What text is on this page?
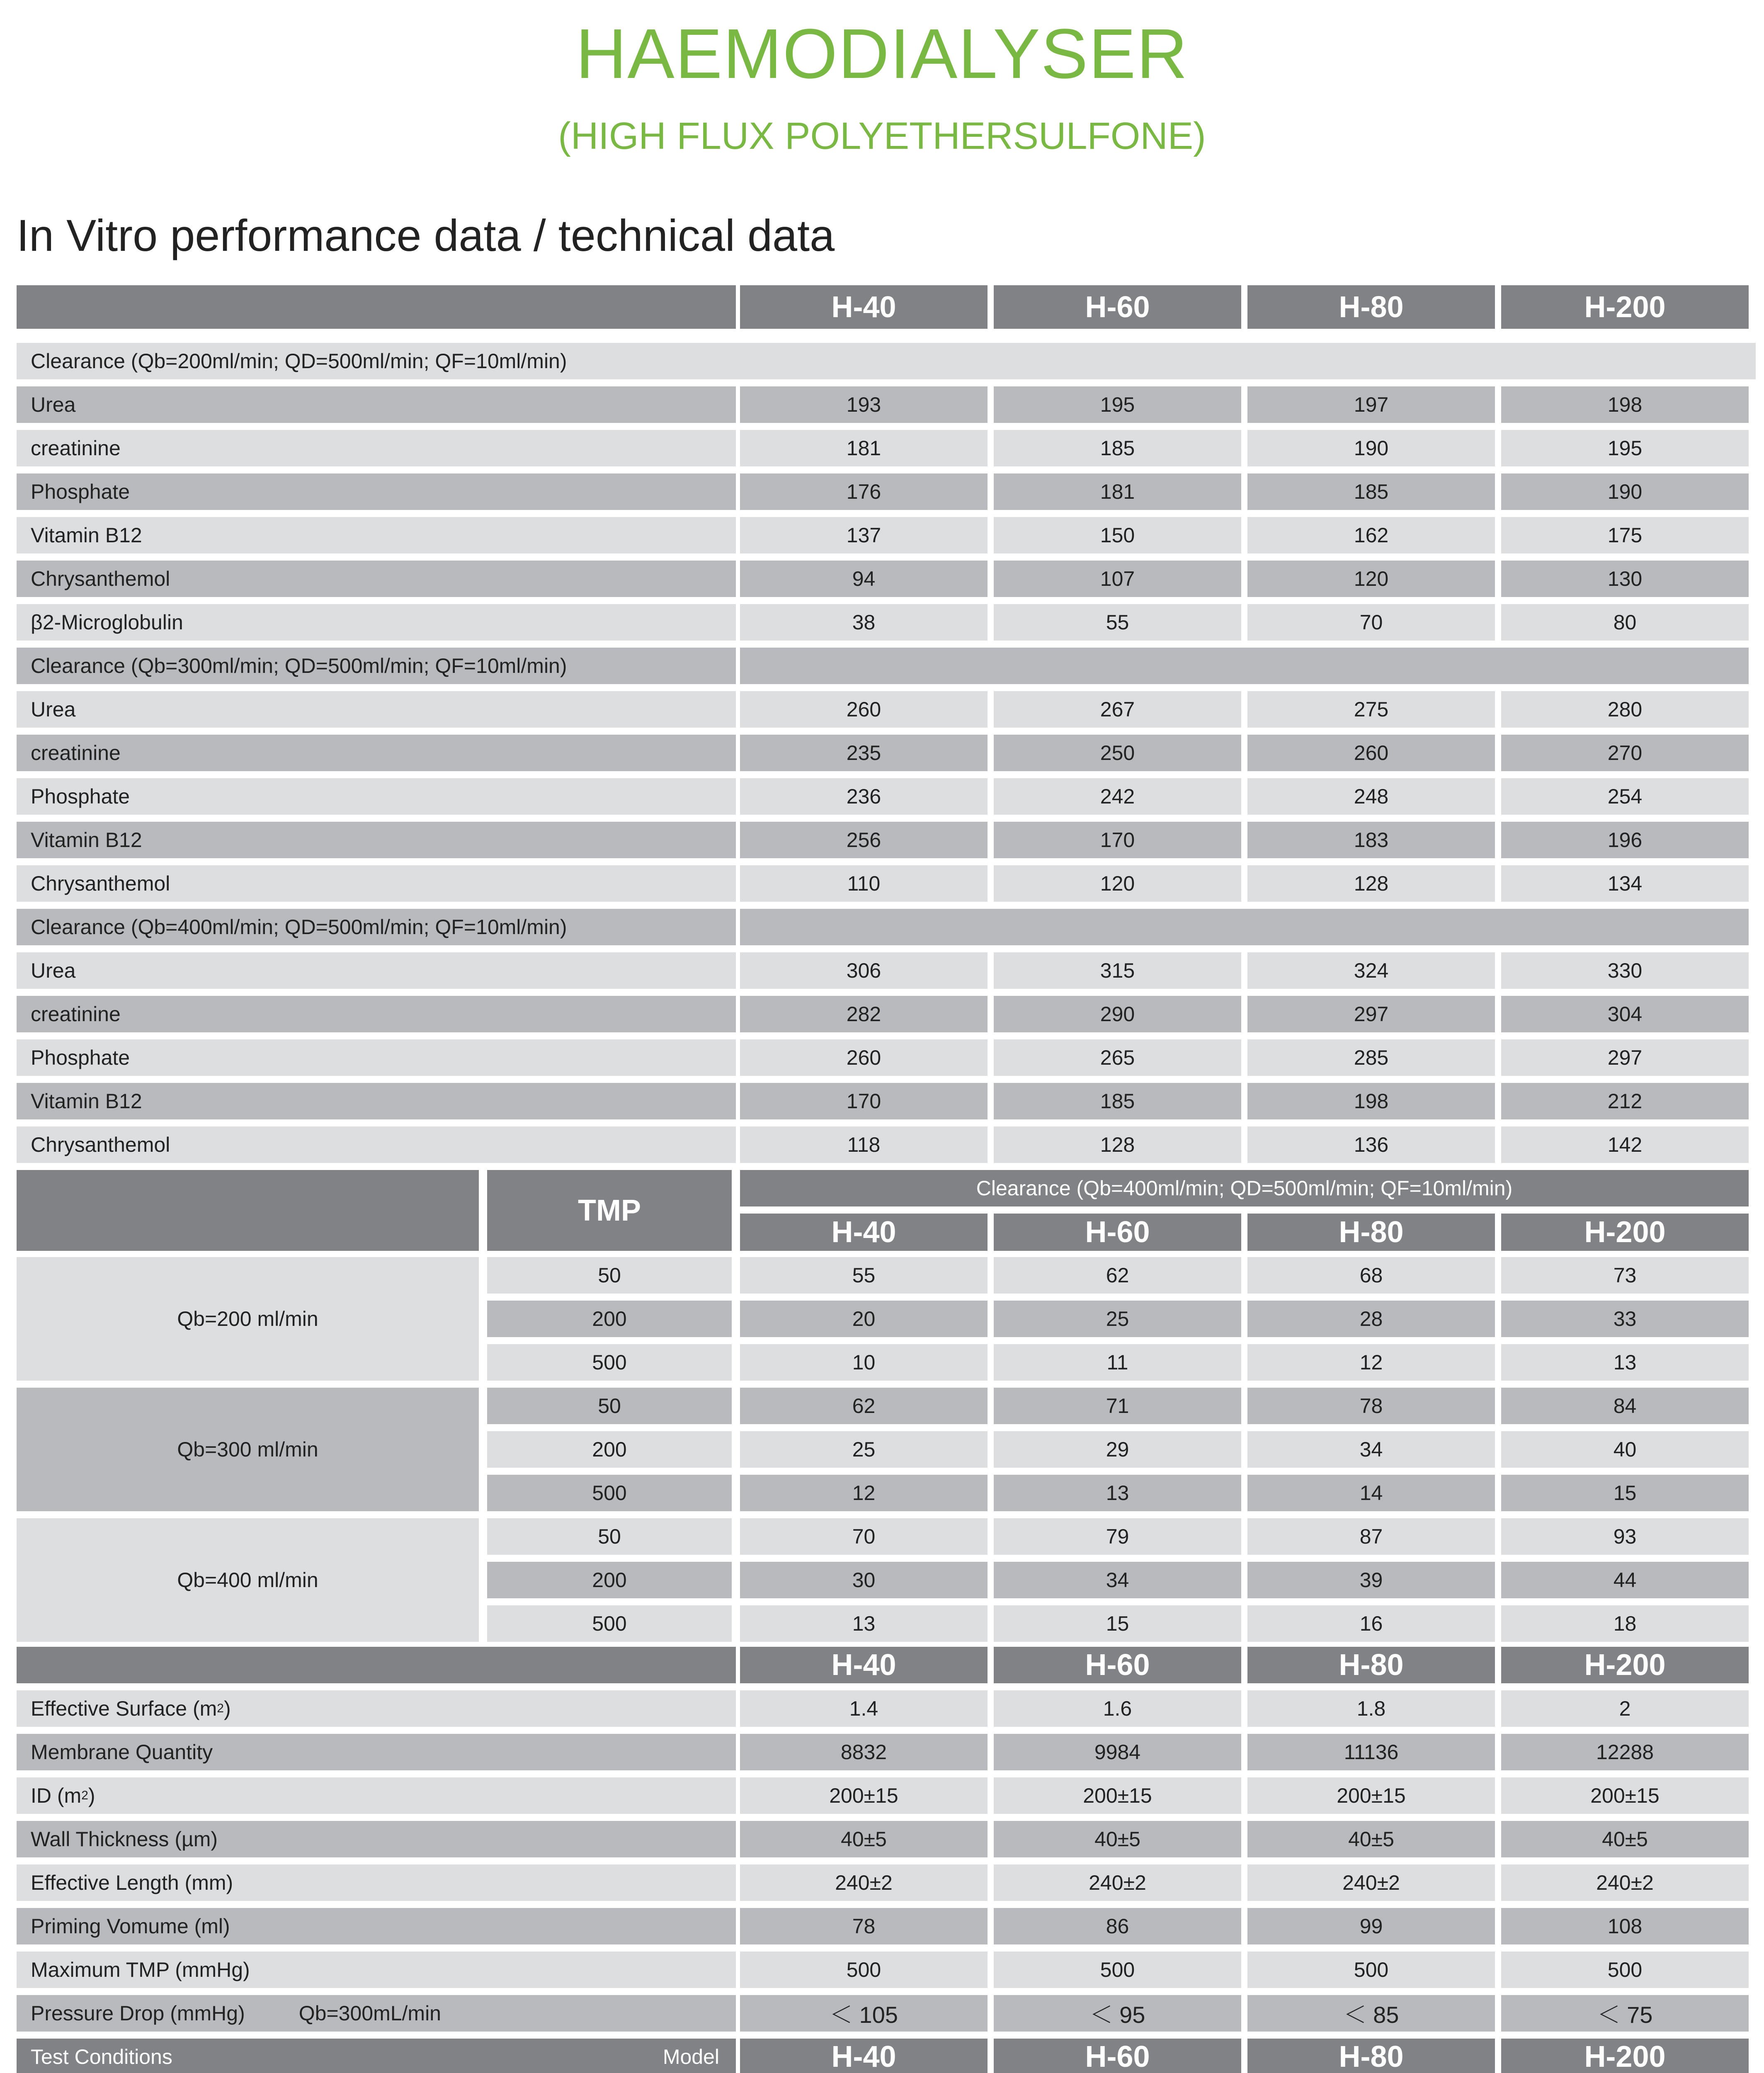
HAEMODIALYSER
(HIGH FLUX POLYETHERSULFONE)
In Vitro performance data / technical data
H-40	H-60	H-80	H-200
Clearance (Qb=200ml/min; QD=500ml/min; QF=10ml/min)
Urea	193	195	197	198
creatinine	181	185	190	195
Phosphate	176	181	185	190
Vitamin B12	137	150	162	175
Chrysanthemol	94	107	120	130
β2-Microglobulin	38	55	70	80
Clearance (Qb=300ml/min; QD=500ml/min; QF=10ml/min)
Urea	260	267	275	280
creatinine	235	250	260	270
Phosphate	236	242	248	254
Vitamin B12	256	170	183	196
Chrysanthemol	110	120	128	134
Clearance (Qb=400ml/min; QD=500ml/min; QF=10ml/min)
Urea	306	315	324	330
creatinine	282	290	297	304
Phosphate	260	265	285	297
Vitamin B12	170	185	198	212
Chrysanthemol	118	128	136	142
TMP
Clearance (Qb=400ml/min; QD=500ml/min; QF=10ml/min)
H-40	H-60	H-80	H-200
Qb=200 ml/min
50	55	62	68	73
200	20	25	28	33
500	10	11	12	13
Qb=300 ml/min
50	62	71	78	84
200	25	29	34	40
500	12	13	14	15
Qb=400 ml/min
50	70	79	87	93
200	30	34	39	44
500	13	15	16	18
H-40	H-60	H-80	H-200
Effective Surface (m 2 )	1.4	1.6	1.8	2
Membrane Quantity	8832	9984	11136	12288
ID (m 2 )	200±15	200±15	200±15	200±15
Wall Thickness (µm)	40±5	40±5	40±5	40±5
Effective Length (mm)	240±2	240±2	240±2	240±2
Priming Vomume (ml)	78	86	99	108
Maximum TMP (mmHg)	500	500	500	500
Pressure Drop (mmHg)	Qb=300mL/min	＜ 105	＜ 95	＜ 85	＜ 75
Test Conditions	Model	H-40	H-60	H-80	H-200
